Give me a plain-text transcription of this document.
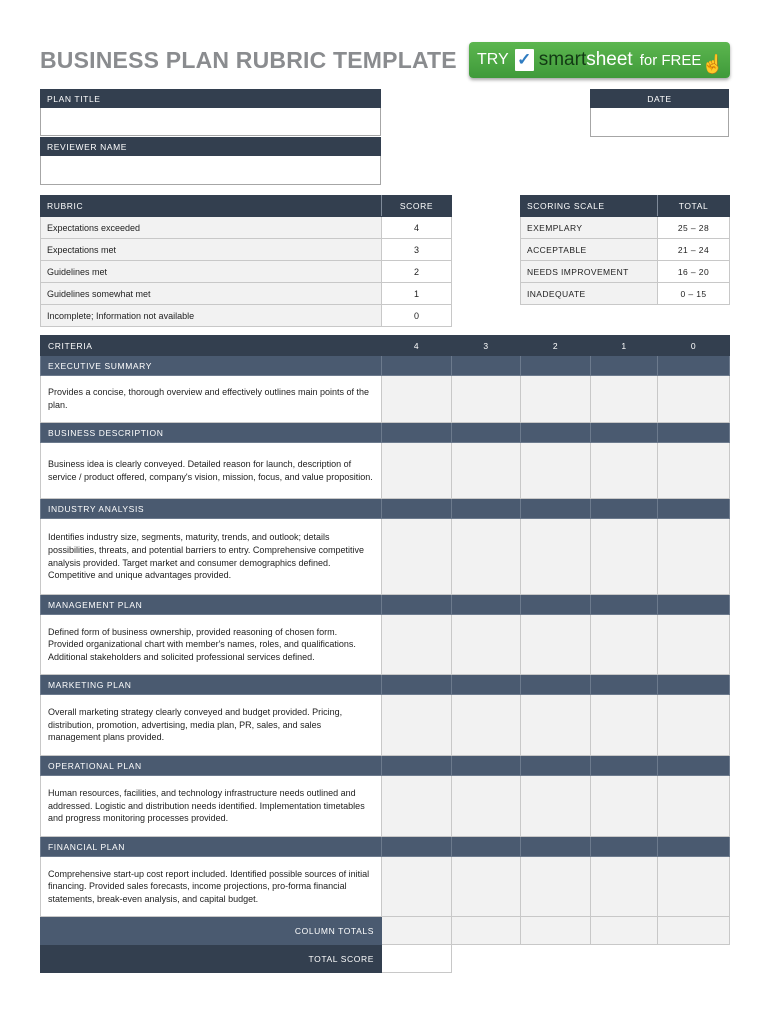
BUSINESS PLAN RUBRIC TEMPLATE TRY ✓ smartsheet for FREE ☝
PLAN TITLE
REVIEWER NAME
DATE
RUBRIC	SCORE
Expectations exceeded	4
Expectations met	3
Guidelines met	2
Guidelines somewhat met	1
Incomplete; Information not available	0
SCORING SCALE	TOTAL
EXEMPLARY	25 – 28
ACCEPTABLE	21 – 24
NEEDS IMPROVEMENT	16 – 20
INADEQUATE	0 – 15
CRITERIA	4	3	2	1	0
EXECUTIVE SUMMARY					
Provides a concise, thorough overview and effectively outlines main points of the plan.					
BUSINESS DESCRIPTION					
Business idea is clearly conveyed. Detailed reason for launch, description of service / product offered, company's vision, mission, focus, and value proposition.					
INDUSTRY ANALYSIS					
Identifies industry size, segments, maturity, trends, and outlook; details possibilities, threats, and potential barriers to entry. Comprehensive competitive analysis provided. Target market and consumer demographics defined. Competitive and unique advantages provided.					
MANAGEMENT PLAN					
Defined form of business ownership, provided reasoning of chosen form. Provided organizational chart with member's names, roles, and qualifications. Additional stakeholders and solicited professional services defined.					
MARKETING PLAN					
Overall marketing strategy clearly conveyed and budget provided. Pricing, distribution, promotion, advertising, media plan, PR, sales, and sales management plans provided.					
OPERATIONAL PLAN					
Human resources, facilities, and technology infrastructure needs outlined and addressed. Logistic and distribution needs identified. Implementation timetables and progress monitoring processes provided.					
FINANCIAL PLAN					
Comprehensive start-up cost report included. Identified possible sources of initial financing. Provided sales forecasts, income projections, pro-forma financial statements, break-even analysis, and capital budget.					
COLUMN TOTALS					
TOTAL SCORE					
